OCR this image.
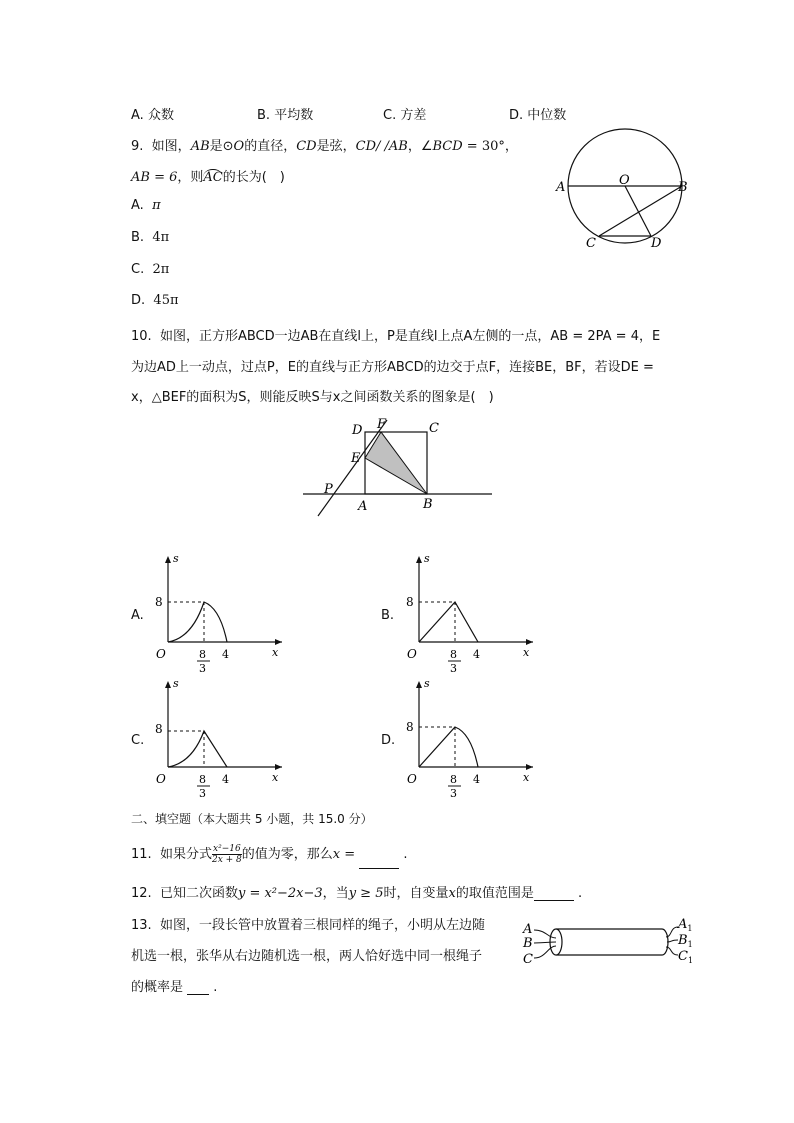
A. 众数	B. 平均数	C. 方差	D. 中位数
9. 如图，AB是⊙O的直径，CD是弦，CD/ /AB，∠BCD = 30°，
AB = 6，则AC的长为(　)
A. π
B. 4π
C. 2π
D. 45π
A	B
O
C	D
10. 如图，正方形ABCD一边AB在直线l上，P是直线l上点A左侧的一点，AB = 2PA = 4，E
为边AD上一动点，过点P，E的直线与正方形ABCD的边交于点F，连接BE，BF，若设DE =
x，△BEF的面积为S，则能反映S与x之间函数关系的图象是(　)
D F	C
E
P
A	B
A.
s
x
O
8
8
3
4
B.
s
x
O
8
8
3
4
C.
s
x
O
8
8
3
4
D.
s
x
O
8
8
3
4
二、填空题（本大题共 5 小题，共 15.0 分）
11. 如果分式 $\frac{\text{x²−16}}{2x + 8}$ 的值为零，那么x =	.
12. 已知二次函数y = x²−2x−3，当y ≥ 5时，自变量x的取值范围是	.
13. 如图，一段长管中放置着三根同样的绳子，小明从左边随
机选一根，张华从右边随机选一根，两人恰好选中同一根绳子
的概率是 .
A
B
C
$A_1$
$B_1$
$C_1$
